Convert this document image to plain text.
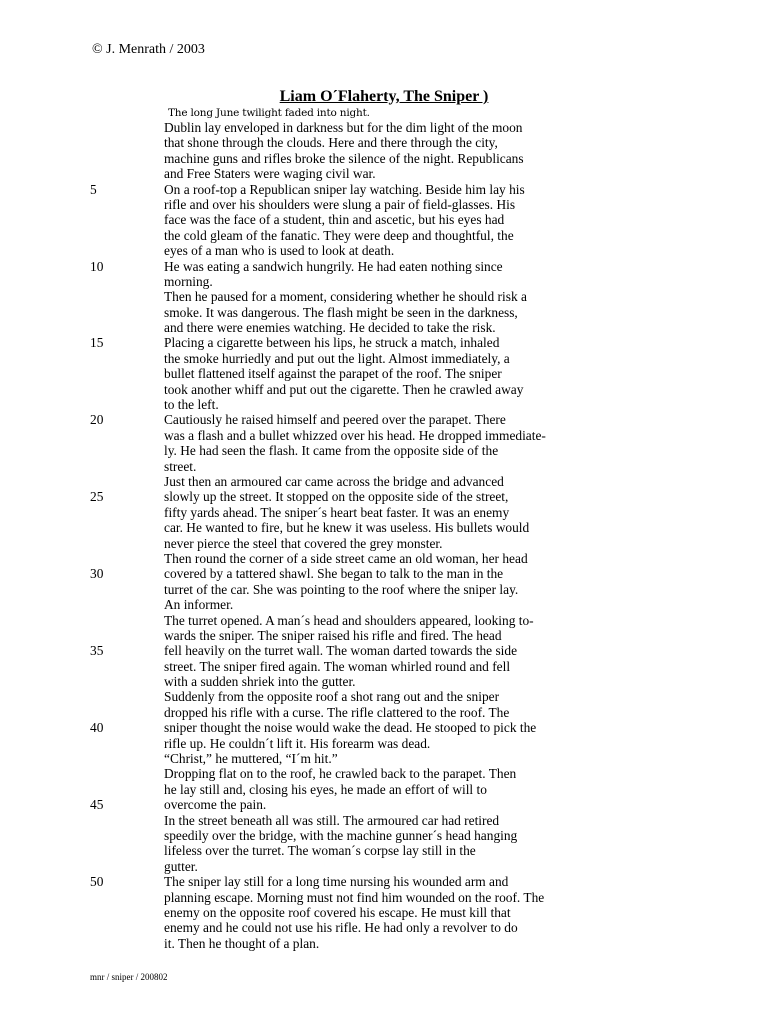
© J. Menrath / 2003
Liam O´Flaherty, The Sniper )
The long June twilight faded into night.
Dublin lay enveloped in darkness but for the dim light of the moon
that shone through the clouds. Here and there through the city,
machine guns and rifles broke the silence of the night. Republicans
and Free Staters were waging civil war.
5	On a roof-top a Republican sniper lay watching. Beside him lay his
rifle and over his shoulders were slung a pair of field-glasses. His
face was the face of a student, thin and ascetic, but his eyes had
the cold gleam of the fanatic. They were deep and thoughtful, the
eyes of a man who is used to look at death.
10	He was eating a sandwich hungrily. He had eaten nothing since
morning.
Then he paused for a moment, considering whether he should risk a
smoke. It was dangerous. The flash might be seen in the darkness,
and there were enemies watching. He decided to take the risk.
15	Placing a cigarette between his lips, he struck a match, inhaled
the smoke hurriedly and put out the light. Almost immediately, a
bullet flattened itself against the parapet of the roof. The sniper
took another whiff and put out the cigarette. Then he crawled away
to the left.
20	Cautiously he raised himself and peered over the parapet. There
was a flash and a bullet whizzed over his head. He dropped immediate-
ly. He had seen the flash. It came from the opposite side of the
street.
Just then an armoured car came across the bridge and advanced
25	slowly up the street. It stopped on the opposite side of the street,
fifty yards ahead. The sniper´s heart beat faster. It was an enemy
car. He wanted to fire, but he knew it was useless. His bullets would
never pierce the steel that covered the grey monster.
Then round the corner of a side street came an old woman, her head
30	covered by a tattered shawl. She began to talk to the man in the
turret of the car. She was pointing to the roof where the sniper lay.
An informer.
The turret opened. A man´s head and shoulders appeared, looking to-
wards the sniper. The sniper raised his rifle and fired. The head
35	fell heavily on the turret wall. The woman darted towards the side
street. The sniper fired again. The woman whirled round and fell
with a sudden shriek into the gutter.
Suddenly from the opposite roof a shot rang out and the sniper
dropped his rifle with a curse. The rifle clattered to the roof. The
40	sniper thought the noise would wake the dead. He stooped to pick the
rifle up. He couldn´t lift it. His forearm was dead.
“Christ,” he muttered, “I´m hit.”
Dropping flat on to the roof, he crawled back to the parapet. Then
he lay still and, closing his eyes, he made an effort of will to
45	overcome the pain.
In the street beneath all was still. The armoured car had retired
speedily over the bridge, with the machine gunner´s head hanging
lifeless over the turret. The woman´s corpse lay still in the
gutter.
50	The sniper lay still for a long time nursing his wounded arm and
planning escape. Morning must not find him wounded on the roof. The
enemy on the opposite roof covered his escape. He must kill that
enemy and he could not use his rifle. He had only a revolver to do
it. Then he thought of a plan.
mnr / sniper / 200802
